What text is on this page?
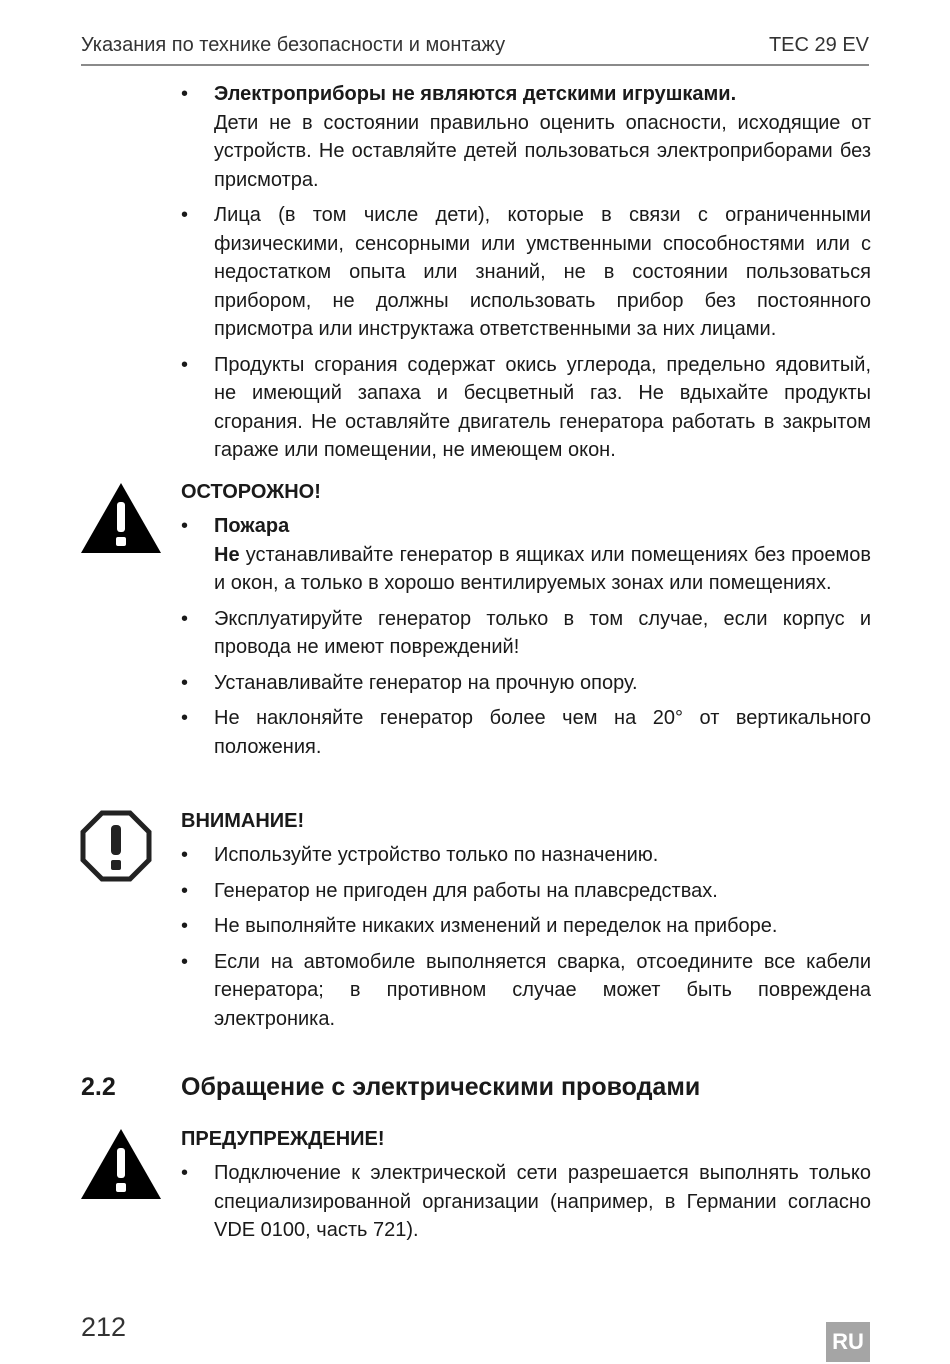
Указания по технике безопасности и монтажу	TEC 29 EV
• Электроприборы не являются детскими игрушками.
Дети не в состоянии правильно оценить опасности, исходящие от устройств. Не оставляйте детей пользоваться электроприборами без присмотра.
• Лица (в том числе дети), которые в связи с ограниченными физическими, сенсорными или умственными способностями или с недостатком опыта или знаний, не в состоянии пользоваться прибором, не должны использовать прибор без постоянного присмотра или инструктажа ответственными за них лицами.
• Продукты сгорания содержат окись углерода, предельно ядовитый, не имеющий запаха и бесцветный газ. Не вдыхайте продукты сгорания. Не оставляйте двигатель генератора работать в закрытом гараже или помещении, не имеющем окон.
ОСТОРОЖНО!
• Пожара
Не устанавливайте генератор в ящиках или помещениях без проемов и окон, а только в хорошо вентилируемых зонах или помещениях.
• Эксплуатируйте генератор только в том случае, если корпус и провода не имеют повреждений!
• Устанавливайте генератор на прочную опору.
• Не наклоняйте генератор более чем на 20° от вертикального положения.
ВНИМАНИЕ!
• Используйте устройство только по назначению.
• Генератор не пригоден для работы на плавсредствах.
• Не выполняйте никаких изменений и переделок на приборе.
• Если на автомобиле выполняется сварка, отсоедините все кабели генератора; в противном случае может быть повреждена электроника.
2.2	Обращение с электрическими проводами
ПРЕДУПРЕЖДЕНИЕ!
• Подключение к электрической сети разрешается выполнять только специализированной организации (например, в Германии согласно VDE 0100, часть 721).
212	RU
